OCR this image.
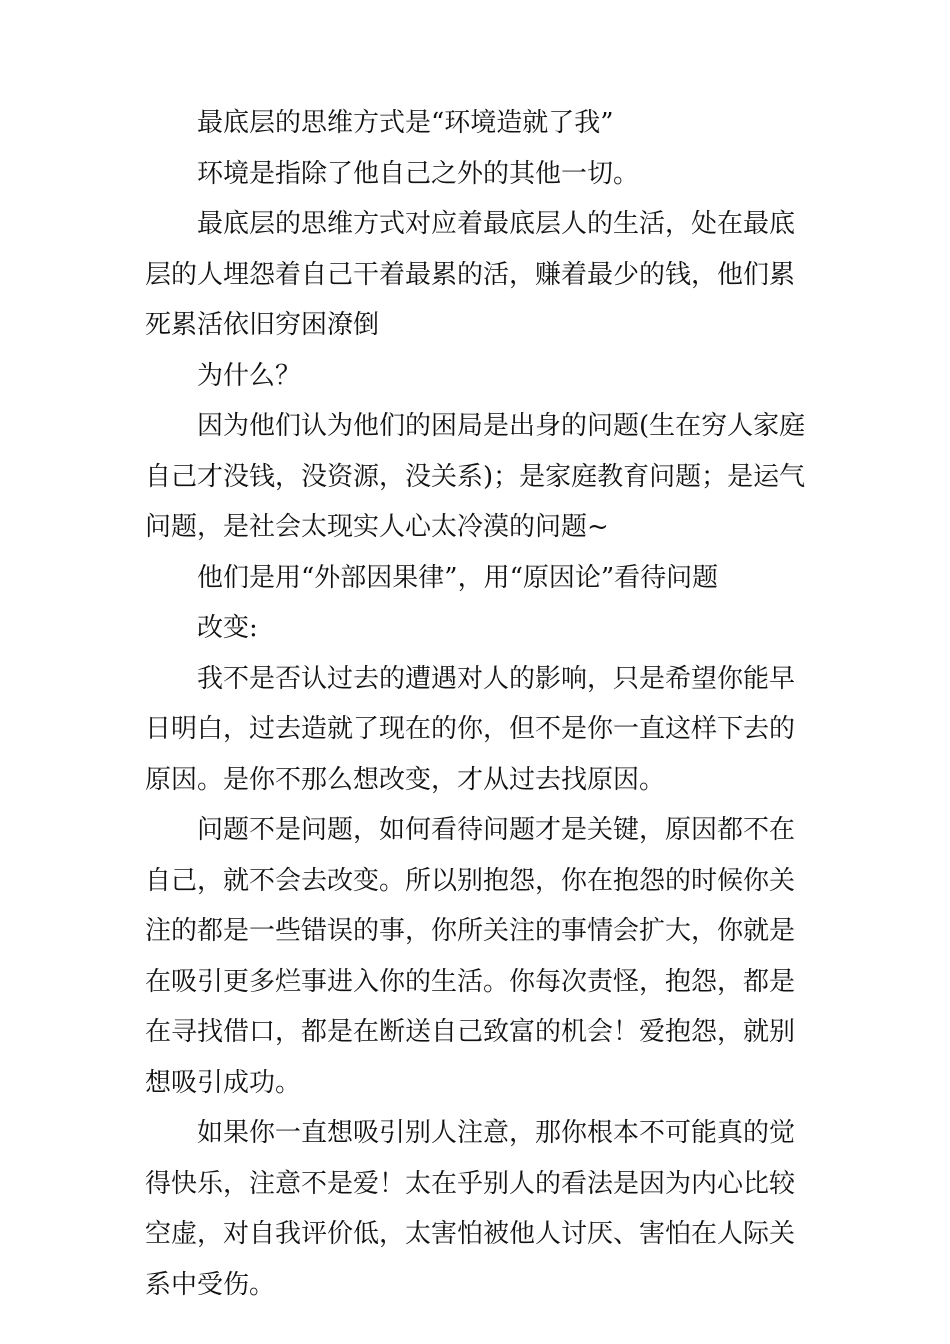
最底层的思维方式是“环境造就了我”

环境是指除了他自己之外的其他一切。

最底层的思维方式对应着最底层人的生活，处在最底层的人埋怨着自己干着最累的活，赚着最少的钱，他们累死累活依旧穷困潦倒

为什么？

因为他们认为他们的困局是出身的问题(生在穷人家庭自己才没钱，没资源，没关系)；是家庭教育问题；是运气问题，是社会太现实人心太冷漠的问题~

他们是用“外部因果律”，用“原因论”看待问题

改变:

我不是否认过去的遭遇对人的影响，只是希望你能早日明白，过去造就了现在的你，但不是你一直这样下去的原因。是你不那么想改变，才从过去找原因。

问题不是问题，如何看待问题才是关键，原因都不在自己，就不会去改变。所以别抱怨，你在抱怨的时候你关注的都是一些错误的事，你所关注的事情会扩大，你就是在吸引更多烂事进入你的生活。你每次责怪，抱怨，都是在寻找借口，都是在断送自己致富的机会！爱抱怨，就别想吸引成功。

如果你一直想吸引别人注意，那你根本不可能真的觉得快乐，注意不是爱！太在乎别人的看法是因为内心比较空虚，对自我评价低，太害怕被他人讨厌、害怕在人际关系中受伤。
